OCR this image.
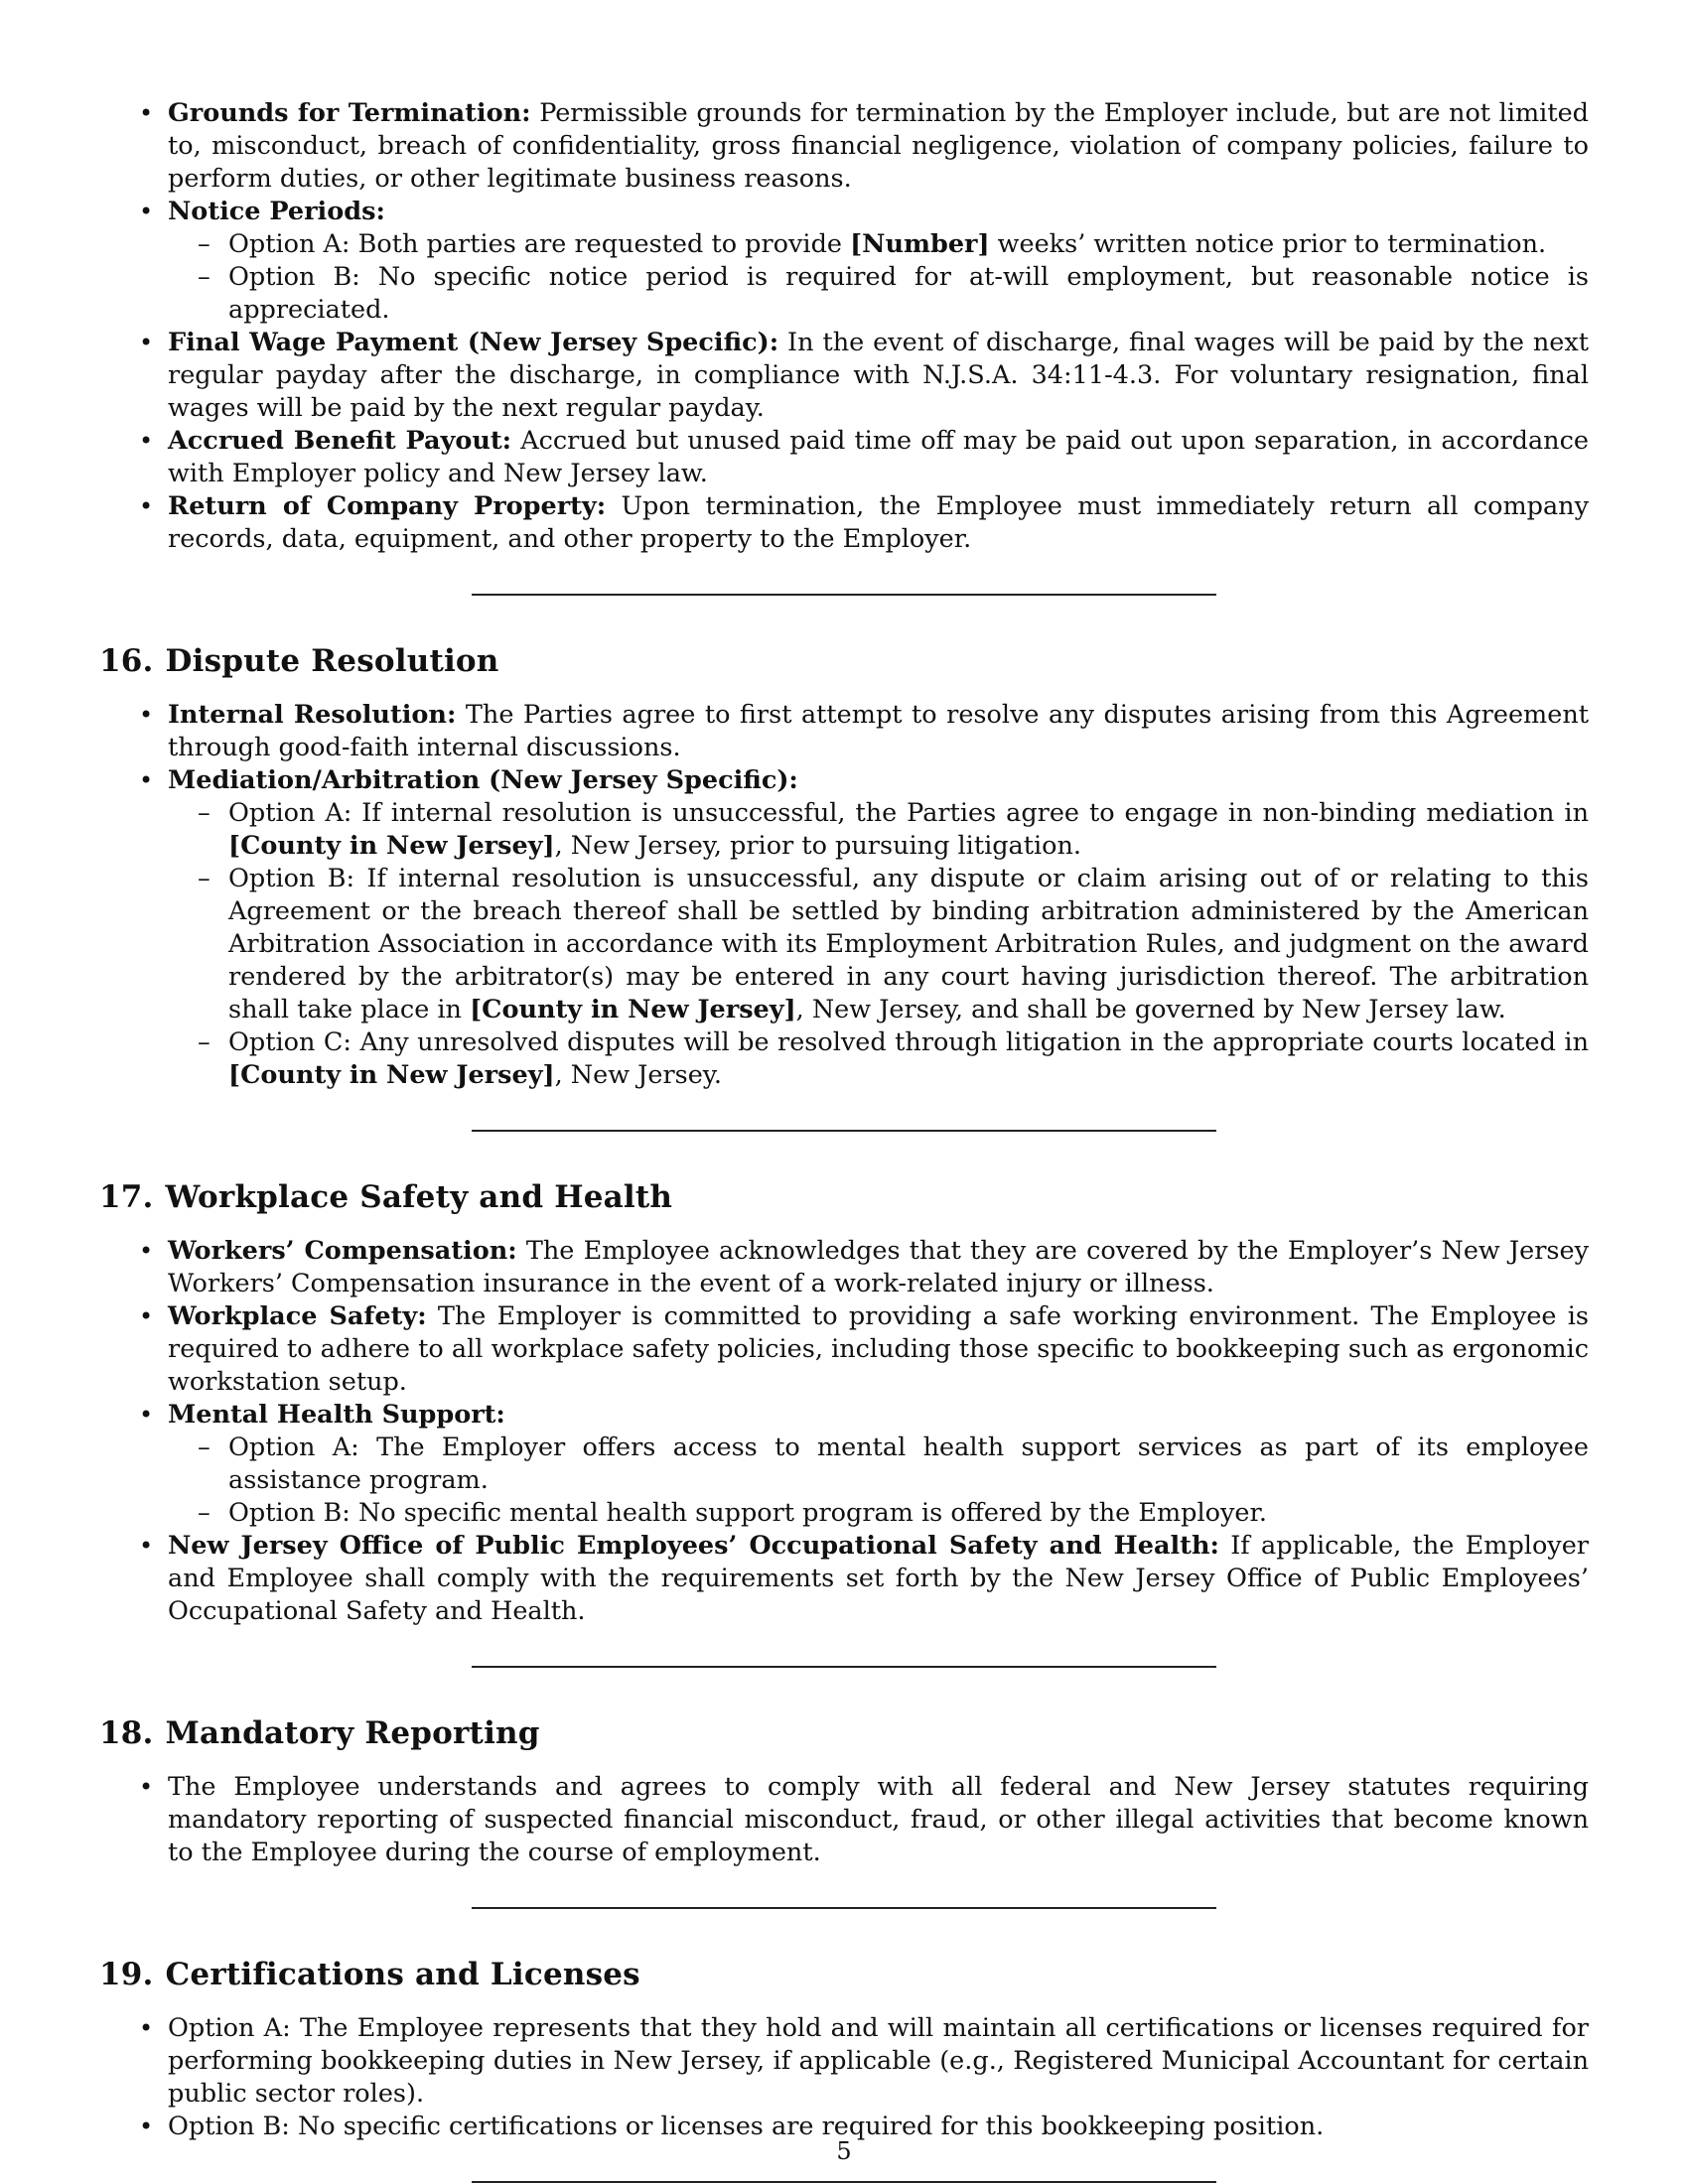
• Grounds for Termination: Permissible grounds for termination by the Employer include, but are not limited to, misconduct, breach of confidentiality, gross financial negligence, violation of company policies, failure to perform duties, or other legitimate business reasons.
• Notice Periods:
– Option A: Both parties are requested to provide [Number] weeks’ written notice prior to termination.
– Option B: No specific notice period is required for at-will employment, but reasonable notice is appreciated.
• Final Wage Payment (New Jersey Specific): In the event of discharge, final wages will be paid by the next regular payday after the discharge, in compliance with N.J.S.A. 34:11-4.3. For voluntary resignation, final wages will be paid by the next regular payday.
• Accrued Benefit Payout: Accrued but unused paid time off may be paid out upon separation, in accordance with Employer policy and New Jersey law.
• Return of Company Property: Upon termination, the Employee must immediately return all company records, data, equipment, and other property to the Employer.
16. Dispute Resolution
• Internal Resolution: The Parties agree to first attempt to resolve any disputes arising from this Agreement through good-faith internal discussions.
• Mediation/Arbitration (New Jersey Specific):
– Option A: If internal resolution is unsuccessful, the Parties agree to engage in non-binding mediation in [County in New Jersey], New Jersey, prior to pursuing litigation.
– Option B: If internal resolution is unsuccessful, any dispute or claim arising out of or relating to this Agreement or the breach thereof shall be settled by binding arbitration administered by the American Arbitration Association in accordance with its Employment Arbitration Rules, and judgment on the award rendered by the arbitrator(s) may be entered in any court having jurisdiction thereof. The arbitration shall take place in [County in New Jersey], New Jersey, and shall be governed by New Jersey law.
– Option C: Any unresolved disputes will be resolved through litigation in the appropriate courts located in [County in New Jersey], New Jersey.
17. Workplace Safety and Health
• Workers’ Compensation: The Employee acknowledges that they are covered by the Employer’s New Jersey Workers’ Compensation insurance in the event of a work-related injury or illness.
• Workplace Safety: The Employer is committed to providing a safe working environment. The Employee is required to adhere to all workplace safety policies, including those specific to bookkeeping such as ergonomic workstation setup.
• Mental Health Support:
– Option A: The Employer offers access to mental health support services as part of its employee assistance program.
– Option B: No specific mental health support program is offered by the Employer.
• New Jersey Office of Public Employees’ Occupational Safety and Health: If applicable, the Employer and Employee shall comply with the requirements set forth by the New Jersey Office of Public Employees’ Occupational Safety and Health.
18. Mandatory Reporting
• The Employee understands and agrees to comply with all federal and New Jersey statutes requiring mandatory reporting of suspected financial misconduct, fraud, or other illegal activities that become known to the Employee during the course of employment.
19. Certifications and Licenses
• Option A: The Employee represents that they hold and will maintain all certifications or licenses required for performing bookkeeping duties in New Jersey, if applicable (e.g., Registered Municipal Accountant for certain public sector roles).
• Option B: No specific certifications or licenses are required for this bookkeeping position.
5
